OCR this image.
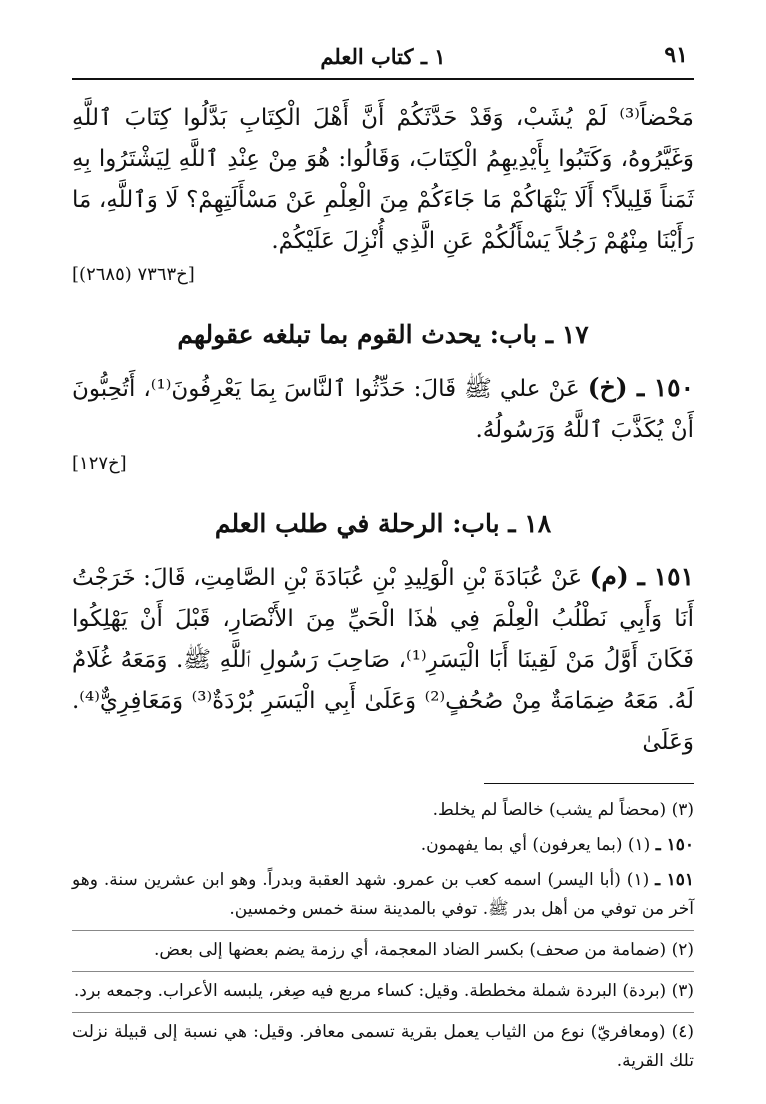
٩١
١ ـ كتاب العلم
مَحْضاً⁽³⁾ لَمْ يُشَبْ، وَقَدْ حَدَّثَكُمْ أَنَّ أَهْلَ الْكِتَابِ بَدَّلُوا كِتَابَ ٱللَّهِ وَغَيَّرُوهُ، وَكَتَبُوا بِأَيْدِيهِمُ الْكِتَابَ، وَقَالُوا: هُوَ مِنْ عِنْدِ ٱللَّهِ لِيَشْتَرُوا بِهِ ثَمَناً قَلِيلاً؟ أَلَا يَنْهَاكُمْ مَا جَاءَكُمْ مِنَ الْعِلْمِ عَنْ مَسْأَلَتِهِمْ؟ لَا وَٱللَّهِ، مَا رَأَيْنَا مِنْهُمْ رَجُلاً يَسْأَلُكُمْ عَنِ الَّذِي أُنْزِلَ عَلَيْكُمْ.
[خ٧٣٦٣ (٢٦٨٥)]
١٧ ـ باب: يحدث القوم بما تبلغه عقولهم
١٥٠ ـ (خ) عَنْ علي ﷺ قَالَ: حَدِّثُوا ٱلنَّاسَ بِمَا يَعْرِفُونَ⁽¹⁾، أَتُحِبُّونَ أَنْ يُكَذَّبَ ٱللَّهُ وَرَسُولُهُ.
[خ١٢٧]
١٨ ـ باب: الرحلة في طلب العلم
١٥١ ـ (م) عَنْ عُبَادَةَ بْنِ الْوَلِيدِ بْنِ عُبَادَةَ بْنِ الصَّامِتِ، قَالَ: خَرَجْتُ أَنَا وَأَبِي نَطْلُبُ الْعِلْمَ فِي هٰذَا الْحَيِّ مِنَ الأَنْصَارِ، قَبْلَ أَنْ يَهْلِكُوا فَكَانَ أَوَّلُ مَنْ لَقِينَا أَبَا الْيَسَرِ⁽¹⁾، صَاحِبَ رَسُولِ ٱللَّهِ ﷺ. وَمَعَهُ غُلَامٌ لَهُ. مَعَهُ ضِمَامَةٌ مِنْ صُحُفٍ⁽²⁾ وَعَلَىٰ أَبِي الْيَسَرِ بُرْدَةٌ⁽³⁾ وَمَعَافِرِيٌّ⁽⁴⁾. وَعَلَىٰ
(٣) (محضاً لم يشب) خالصاً لم يخلط.
١٥٠ ـ (١) (بما يعرفون) أي بما يفهمون.
١٥١ ـ (١) (أبا اليسر) اسمه كعب بن عمرو. شهد العقبة وبدراً. وهو ابن عشرين سنة. وهو آخر من توفي من أهل بدر ﷺ. توفي بالمدينة سنة خمس وخمسين.
(٢) (ضمامة من صحف) بكسر الضاد المعجمة، أي رزمة يضم بعضها إلى بعض.
(٣) (بردة) البردة شملة مخططة. وقيل: كساء مربع فيه صِغر، يلبسه الأعراب. وجمعه برد.
(٤) (ومعافريّ) نوع من الثياب يعمل بقرية تسمى معافر. وقيل: هي نسبة إلى قبيلة نزلت تلك القرية.
